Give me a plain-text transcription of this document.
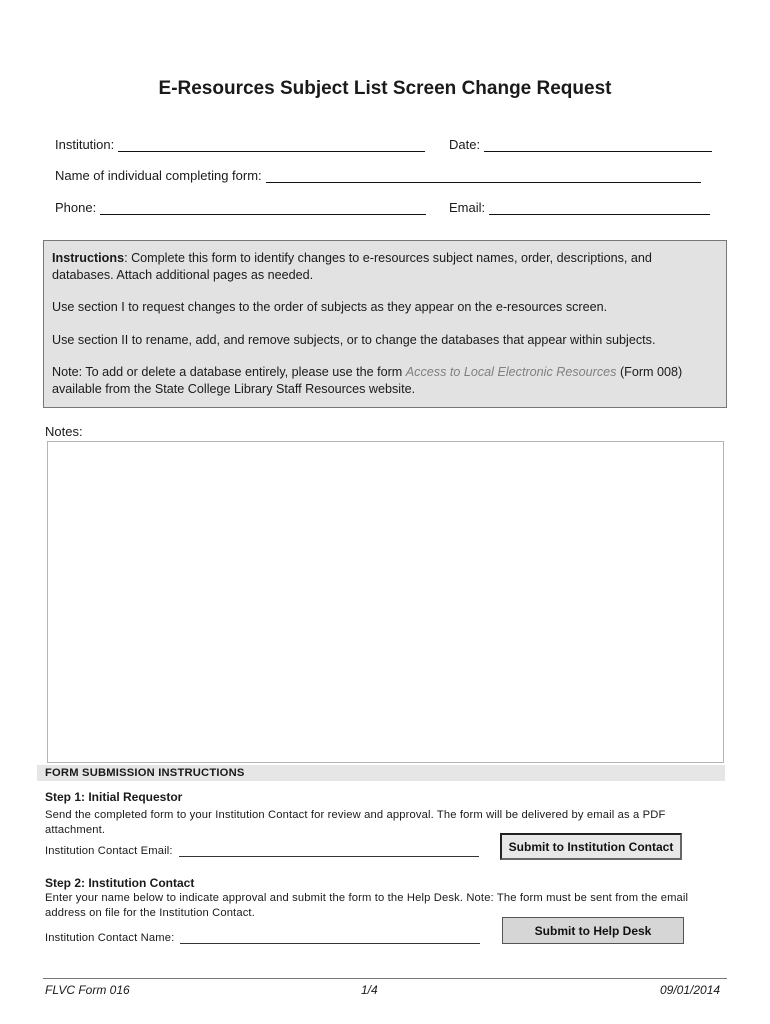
E-Resources Subject List Screen Change Request
Institution:	Date:
Name of individual completing form:
Phone:	Email:

Instructions: Complete this form to identify changes to e-resources subject names, order, descriptions, and databases. Attach additional pages as needed.

Use section I to request changes to the order of subjects as they appear on the e-resources screen.

Use section II to rename, add, and remove subjects, or to change the databases that appear within subjects.

Note: To add or delete a database entirely, please use the form Access to Local Electronic Resources (Form 008) available from the State College Library Staff Resources website.

Notes:
FORM SUBMISSION INSTRUCTIONS
Step 1: Initial Requestor
Send the completed form to your Institution Contact for review and approval. The form will be delivered by email as a PDF attachment.
Institution Contact Email:	Submit to Institution Contact
Step 2: Institution Contact
Enter your name below to indicate approval and submit the form to the Help Desk. Note: The form must be sent from the email address on file for the Institution Contact.
Institution Contact Name:
Submit to Help Desk
FLVC Form 016	1/4	09/01/2014
